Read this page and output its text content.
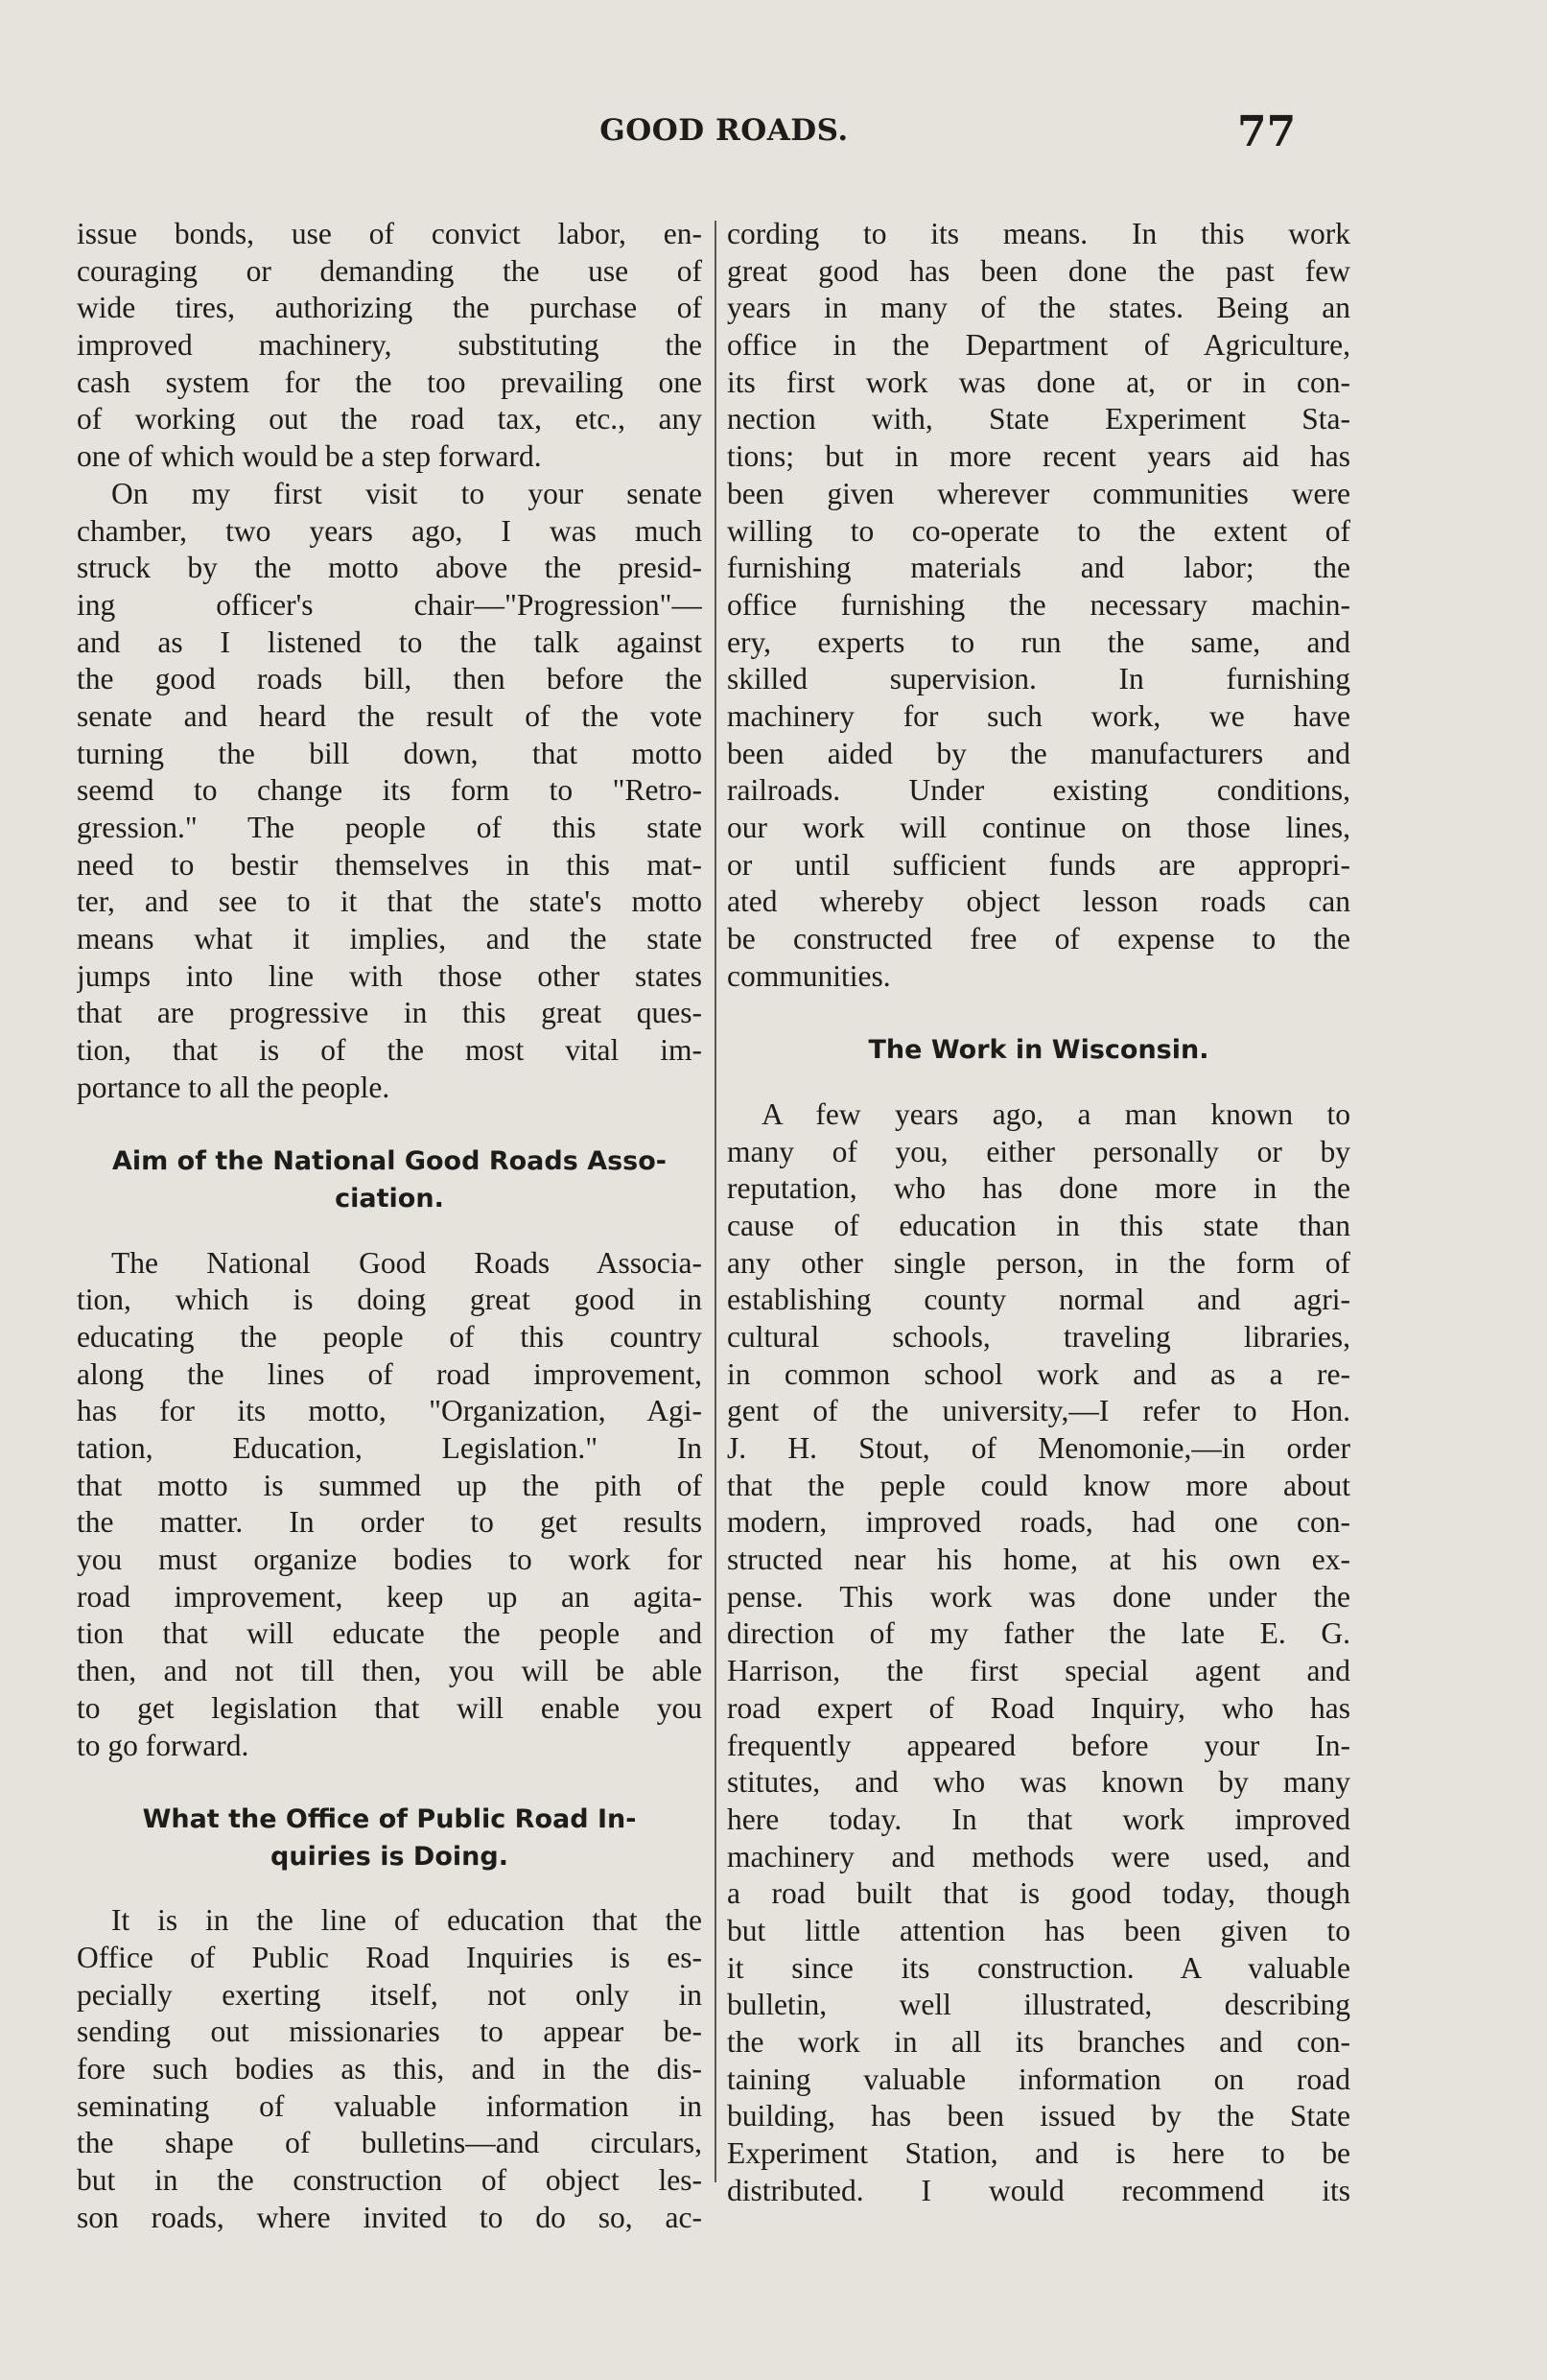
GOOD ROADS.	77
issue bonds, use of convict labor, en-
couraging or demanding the use of
wide tires, authorizing the purchase of
improved machinery, substituting the
cash system for the too prevailing one
of working out the road tax, etc., any
one of which would be a step forward.
On my first visit to your senate
chamber, two years ago, I was much
struck by the motto above the presid-
ing officer's chair—"Progression"—
and as I listened to the talk against
the good roads bill, then before the
senate and heard the result of the vote
turning the bill down, that motto
seemd to change its form to "Retro-
gression." The people of this state
need to bestir themselves in this mat-
ter, and see to it that the state's motto
means what it implies, and the state
jumps into line with those other states
that are progressive in this great ques-
tion, that is of the most vital im-
portance to all the people.
Aim of the National Good Roads Asso-
ciation.
The National Good Roads Associa-
tion, which is doing great good in
educating the people of this country
along the lines of road improvement,
has for its motto, "Organization, Agi-
tation, Education, Legislation." In
that motto is summed up the pith of
the matter. In order to get results
you must organize bodies to work for
road improvement, keep up an agita-
tion that will educate the people and
then, and not till then, you will be able
to get legislation that will enable you
to go forward.
What the Office of Public Road In-
quiries is Doing.
It is in the line of education that the
Office of Public Road Inquiries is es-
pecially exerting itself, not only in
sending out missionaries to appear be-
fore such bodies as this, and in the dis-
seminating of valuable information in
the shape of bulletins—and circulars,
but in the construction of object les-
son roads, where invited to do so, ac-
cording to its means. In this work
great good has been done the past few
years in many of the states. Being an
office in the Department of Agriculture,
its first work was done at, or in con-
nection with, State Experiment Sta-
tions; but in more recent years aid has
been given wherever communities were
willing to co-operate to the extent of
furnishing materials and labor; the
office furnishing the necessary machin-
ery, experts to run the same, and
skilled supervision. In furnishing
machinery for such work, we have
been aided by the manufacturers and
railroads. Under existing conditions,
our work will continue on those lines,
or until sufficient funds are appropri-
ated whereby object lesson roads can
be constructed free of expense to the
communities.
The Work in Wisconsin.
A few years ago, a man known to
many of you, either personally or by
reputation, who has done more in the
cause of education in this state than
any other single person, in the form of
establishing county normal and agri-
cultural schools, traveling libraries,
in common school work and as a re-
gent of the university,—I refer to Hon.
J. H. Stout, of Menomonie,—in order
that the peple could know more about
modern, improved roads, had one con-
structed near his home, at his own ex-
pense. This work was done under the
direction of my father the late E. G.
Harrison, the first special agent and
road expert of Road Inquiry, who has
frequently appeared before your In-
stitutes, and who was known by many
here today. In that work improved
machinery and methods were used, and
a road built that is good today, though
but little attention has been given to
it since its construction. A valuable
bulletin, well illustrated, describing
the work in all its branches and con-
taining valuable information on road
building, has been issued by the State
Experiment Station, and is here to be
distributed. I would recommend its
